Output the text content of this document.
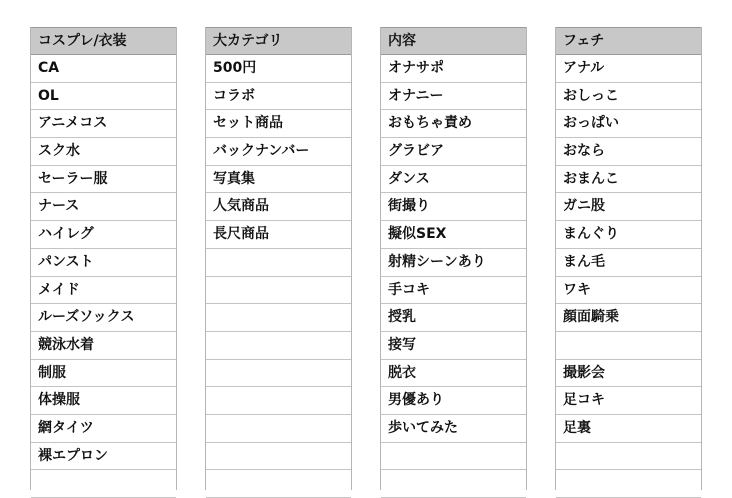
コスプレ/衣装
CA
OL
アニメコス
スク水
セーラー服
ナース
ハイレグ
パンスト
メイド
ルーズソックス
競泳水着
制服
体操服
網タイツ
裸エプロン
大カテゴリ
500円
コラボ
セット商品
バックナンバー
写真集
人気商品
長尺商品
内容
オナサポ
オナニー
おもちゃ責め
グラビア
ダンス
街撮り
擬似SEX
射精シーンあり
手コキ
授乳
接写
脱衣
男優あり
歩いてみた
フェチ
アナル
おしっこ
おっぱい
おなら
おまんこ
ガニ股
まんぐり
まん毛
ワキ
顔面騎乗
撮影会
足コキ
足裏
